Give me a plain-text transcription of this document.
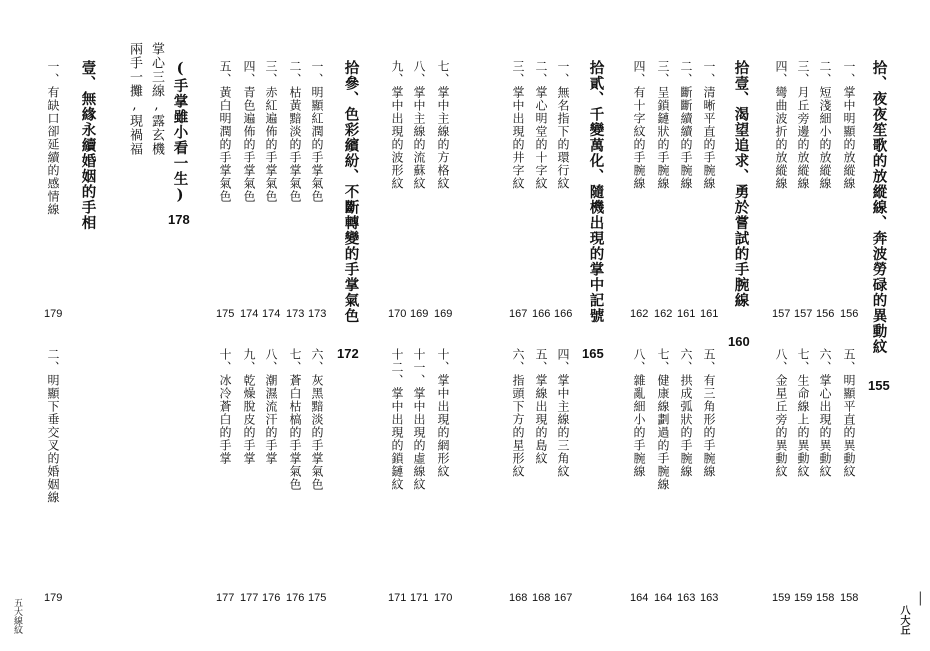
拾、夜夜笙歌的放縱線、奔波勞碌的異動紋
155
一、掌中明顯的放縱線
二、短淺細小的放縱線
三、月丘旁邊的放縱線
四、彎曲波折的放縱線
五、明顯平直的異動紋
六、掌心出現的異動紋
七、生命線上的異動紋
八、金星丘旁的異動紋
拾壹、渴望追求、勇於嘗試的手腕線
160
一、清晰平直的手腕線
二、斷斷續續的手腕線
三、呈鎖鏈狀的手腕線
四、有十字紋的手腕線
五、有三角形的手腕線
六、拱成弧狀的手腕線
七、健康線劃過的手腕線
八、雜亂細小的手腕線
拾貳、千變萬化、隨機出現的掌中記號
165
一、無名指下的環行紋
二、掌心明堂的十字紋
三、掌中出現的井字紋
七、掌中主線的方格紋
八、掌中主線的流蘇紋
九、掌中出現的波形紋
四、掌中主線的三角紋
五、掌線出現的島紋
六、指頭下方的星形紋
十、掌中出現的網形紋
十一、掌中出現的虛線紋
十二、掌中出現的鎖鏈紋
拾參、色彩繽紛、不斷轉變的手掌氣色
172
一、明顯紅潤的手掌氣色
二、枯黃黯淡的手掌氣色
三、赤紅遍佈的手掌氣色
四、青色遍佈的手掌氣色
五、黃白明潤的手掌氣色
六、灰黑黯淡的手掌氣色
七、蒼白枯槁的手掌氣色
八、潮濕流汗的手掌
九、乾燥脫皮的手掌
十、冰冷蒼白的手掌
(手掌雖小看一生)
178
掌心三線,露玄機
兩手一攤,現禍福
壹、無緣永續婚姻的手相
一、有缺口卻延續的感情線
二、明顯下垂交叉的婚姻線
五大線紋	八大丘
|
156
156
157
157
158
158
159
159
161
161
162
162
163
163
164
164
166
166
167
169
169
170
167
168
168
170
171
171
173
173
174
174
175
175
176
176
177
177
179
179
